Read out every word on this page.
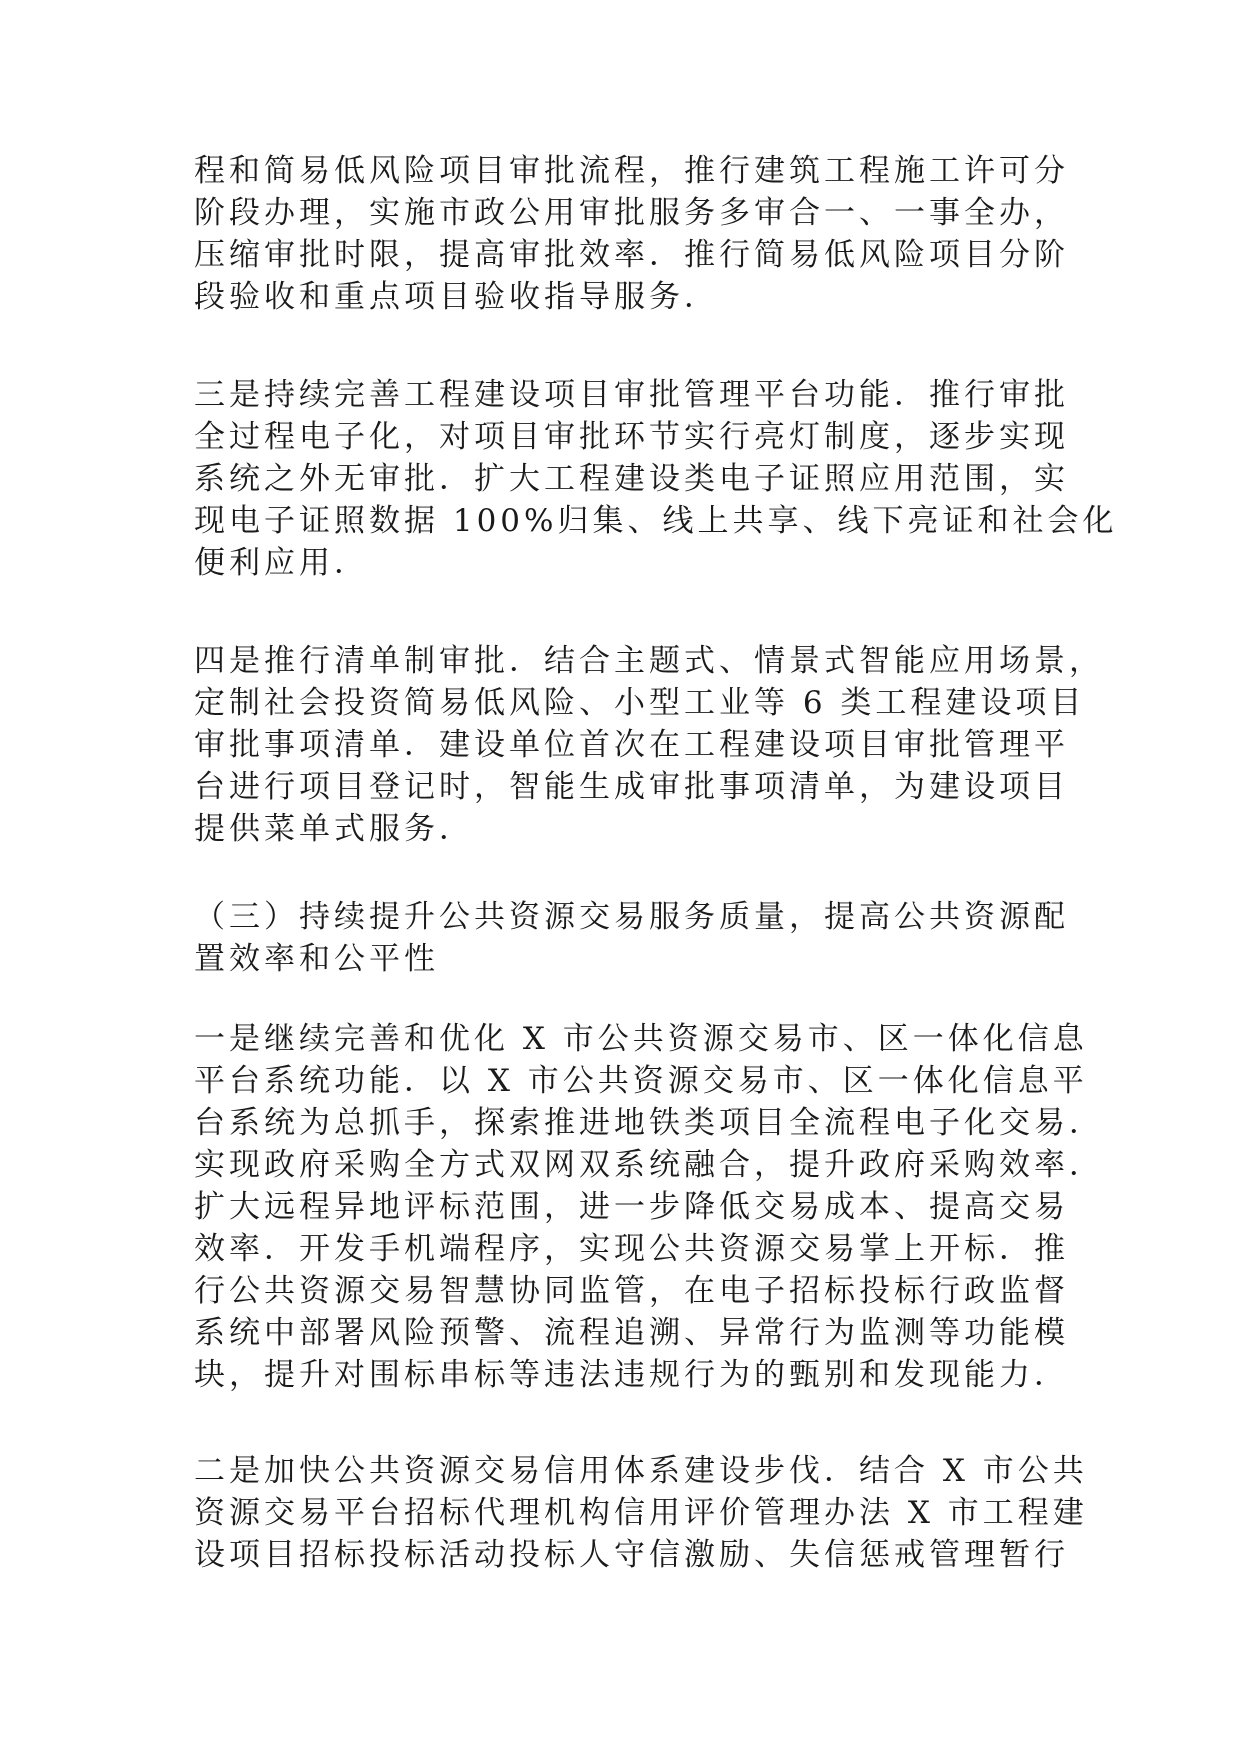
程和简易低风险项目审批流程，推行建筑工程施工许可分
阶段办理，实施市政公用审批服务多审合一、一事全办，
压缩审批时限，提高审批效率．推行简易低风险项目分阶
段验收和重点项目验收指导服务．
三是持续完善工程建设项目审批管理平台功能．推行审批
全过程电子化，对项目审批环节实行亮灯制度，逐步实现
系统之外无审批．扩大工程建设类电子证照应用范围，实
现电子证照数据 100%归集、线上共享、线下亮证和社会化
便利应用．
四是推行清单制审批．结合主题式、情景式智能应用场景，
定制社会投资简易低风险、小型工业等 6 类工程建设项目
审批事项清单．建设单位首次在工程建设项目审批管理平
台进行项目登记时，智能生成审批事项清单，为建设项目
提供菜单式服务．
（三）持续提升公共资源交易服务质量，提高公共资源配
置效率和公平性
一是继续完善和优化 X 市公共资源交易市、区一体化信息
平台系统功能．以 X 市公共资源交易市、区一体化信息平
台系统为总抓手，探索推进地铁类项目全流程电子化交易．
实现政府采购全方式双网双系统融合，提升政府采购效率．
扩大远程异地评标范围，进一步降低交易成本、提高交易
效率．开发手机端程序，实现公共资源交易掌上开标．推
行公共资源交易智慧协同监管，在电子招标投标行政监督
系统中部署风险预警、流程追溯、异常行为监测等功能模
块，提升对围标串标等违法违规行为的甄别和发现能力．
二是加快公共资源交易信用体系建设步伐．结合 X 市公共
资源交易平台招标代理机构信用评价管理办法 X 市工程建
设项目招标投标活动投标人守信激励、失信惩戒管理暂行
